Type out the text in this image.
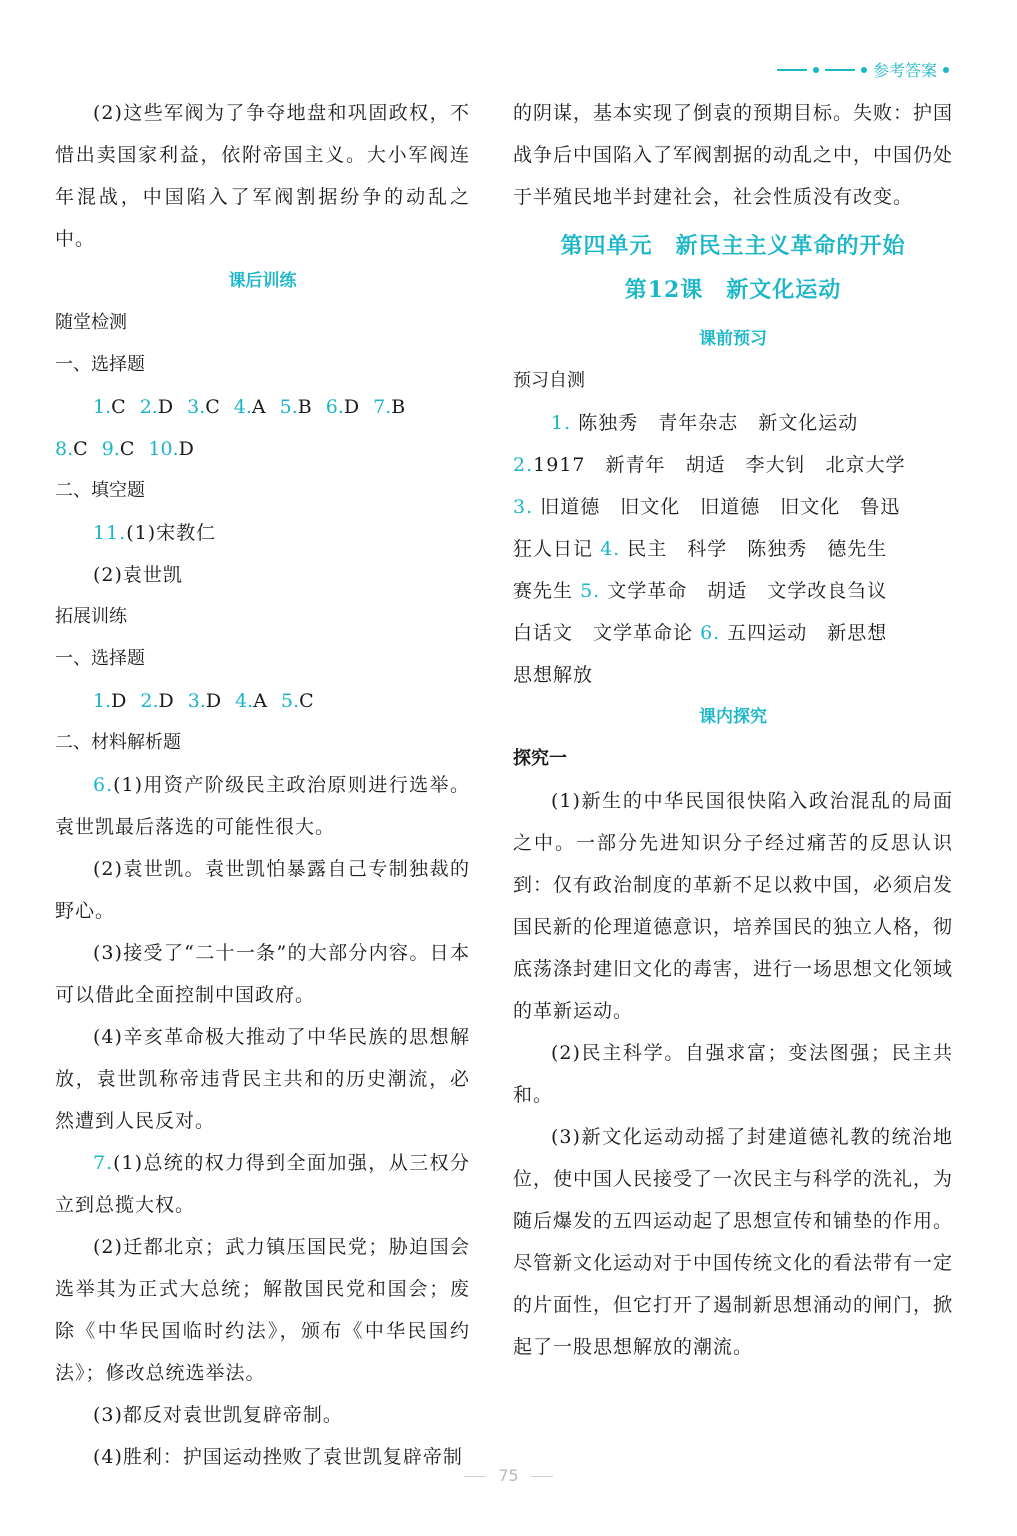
参考答案

(2)这些军阀为了争夺地盘和巩固政权，不惜出卖国家利益，依附帝国主义。大小军阀连年混战，中国陷入了军阀割据纷争的动乱之中。

课后训练

随堂检测

一、选择题

1.C 2.D 3.C 4.A 5.B 6.D 7.B

8.C 9.C 10.D

二、填空题

11.(1)宋教仁

(2)袁世凯

拓展训练

一、选择题

1.D 2.D 3.D 4.A 5.C

二、材料解析题

6.(1)用资产阶级民主政治原则进行选举。袁世凯最后落选的可能性很大。

(2)袁世凯。袁世凯怕暴露自己专制独裁的野心。

(3)接受了“二十一条”的大部分内容。日本可以借此全面控制中国政府。

(4)辛亥革命极大推动了中华民族的思想解放，袁世凯称帝违背民主共和的历史潮流，必然遭到人民反对。

7.(1)总统的权力得到全面加强，从三权分立到总揽大权。

(2)迁都北京；武力镇压国民党；胁迫国会选举其为正式大总统；解散国民党和国会；废除《中华民国临时约法》，颁布《中华民国约法》；修改总统选举法。

(3)都反对袁世凯复辟帝制。

(4)胜利：护国运动挫败了袁世凯复辟帝制

的阴谋，基本实现了倒袁的预期目标。失败：护国战争后中国陷入了军阀割据的动乱之中，中国仍处于半殖民地半封建社会，社会性质没有改变。

第四单元　新民主主义革命的开始

第12课　新文化运动

课前预习

预习自测

1. 陈独秀　青年杂志　新文化运动

2.1917　新青年　胡适　李大钊　北京大学

3. 旧道德　旧文化　旧道德　旧文化　鲁迅

狂人日记 4. 民主　科学　陈独秀　德先生

赛先生 5. 文学革命　胡适　文学改良刍议

白话文　文学革命论 6. 五四运动　新思想

思想解放

课内探究

探究一

(1)新生的中华民国很快陷入政治混乱的局面之中。一部分先进知识分子经过痛苦的反思认识到：仅有政治制度的革新不足以救中国，必须启发国民新的伦理道德意识，培养国民的独立人格，彻底荡涤封建旧文化的毒害，进行一场思想文化领域的革新运动。

(2)民主科学。自强求富；变法图强；民主共和。

(3)新文化运动动摇了封建道德礼教的统治地位，使中国人民接受了一次民主与科学的洗礼，为随后爆发的五四运动起了思想宣传和铺垫的作用。尽管新文化运动对于中国传统文化的看法带有一定的片面性，但它打开了遏制新思想涌动的闸门，掀起了一股思想解放的潮流。

75
